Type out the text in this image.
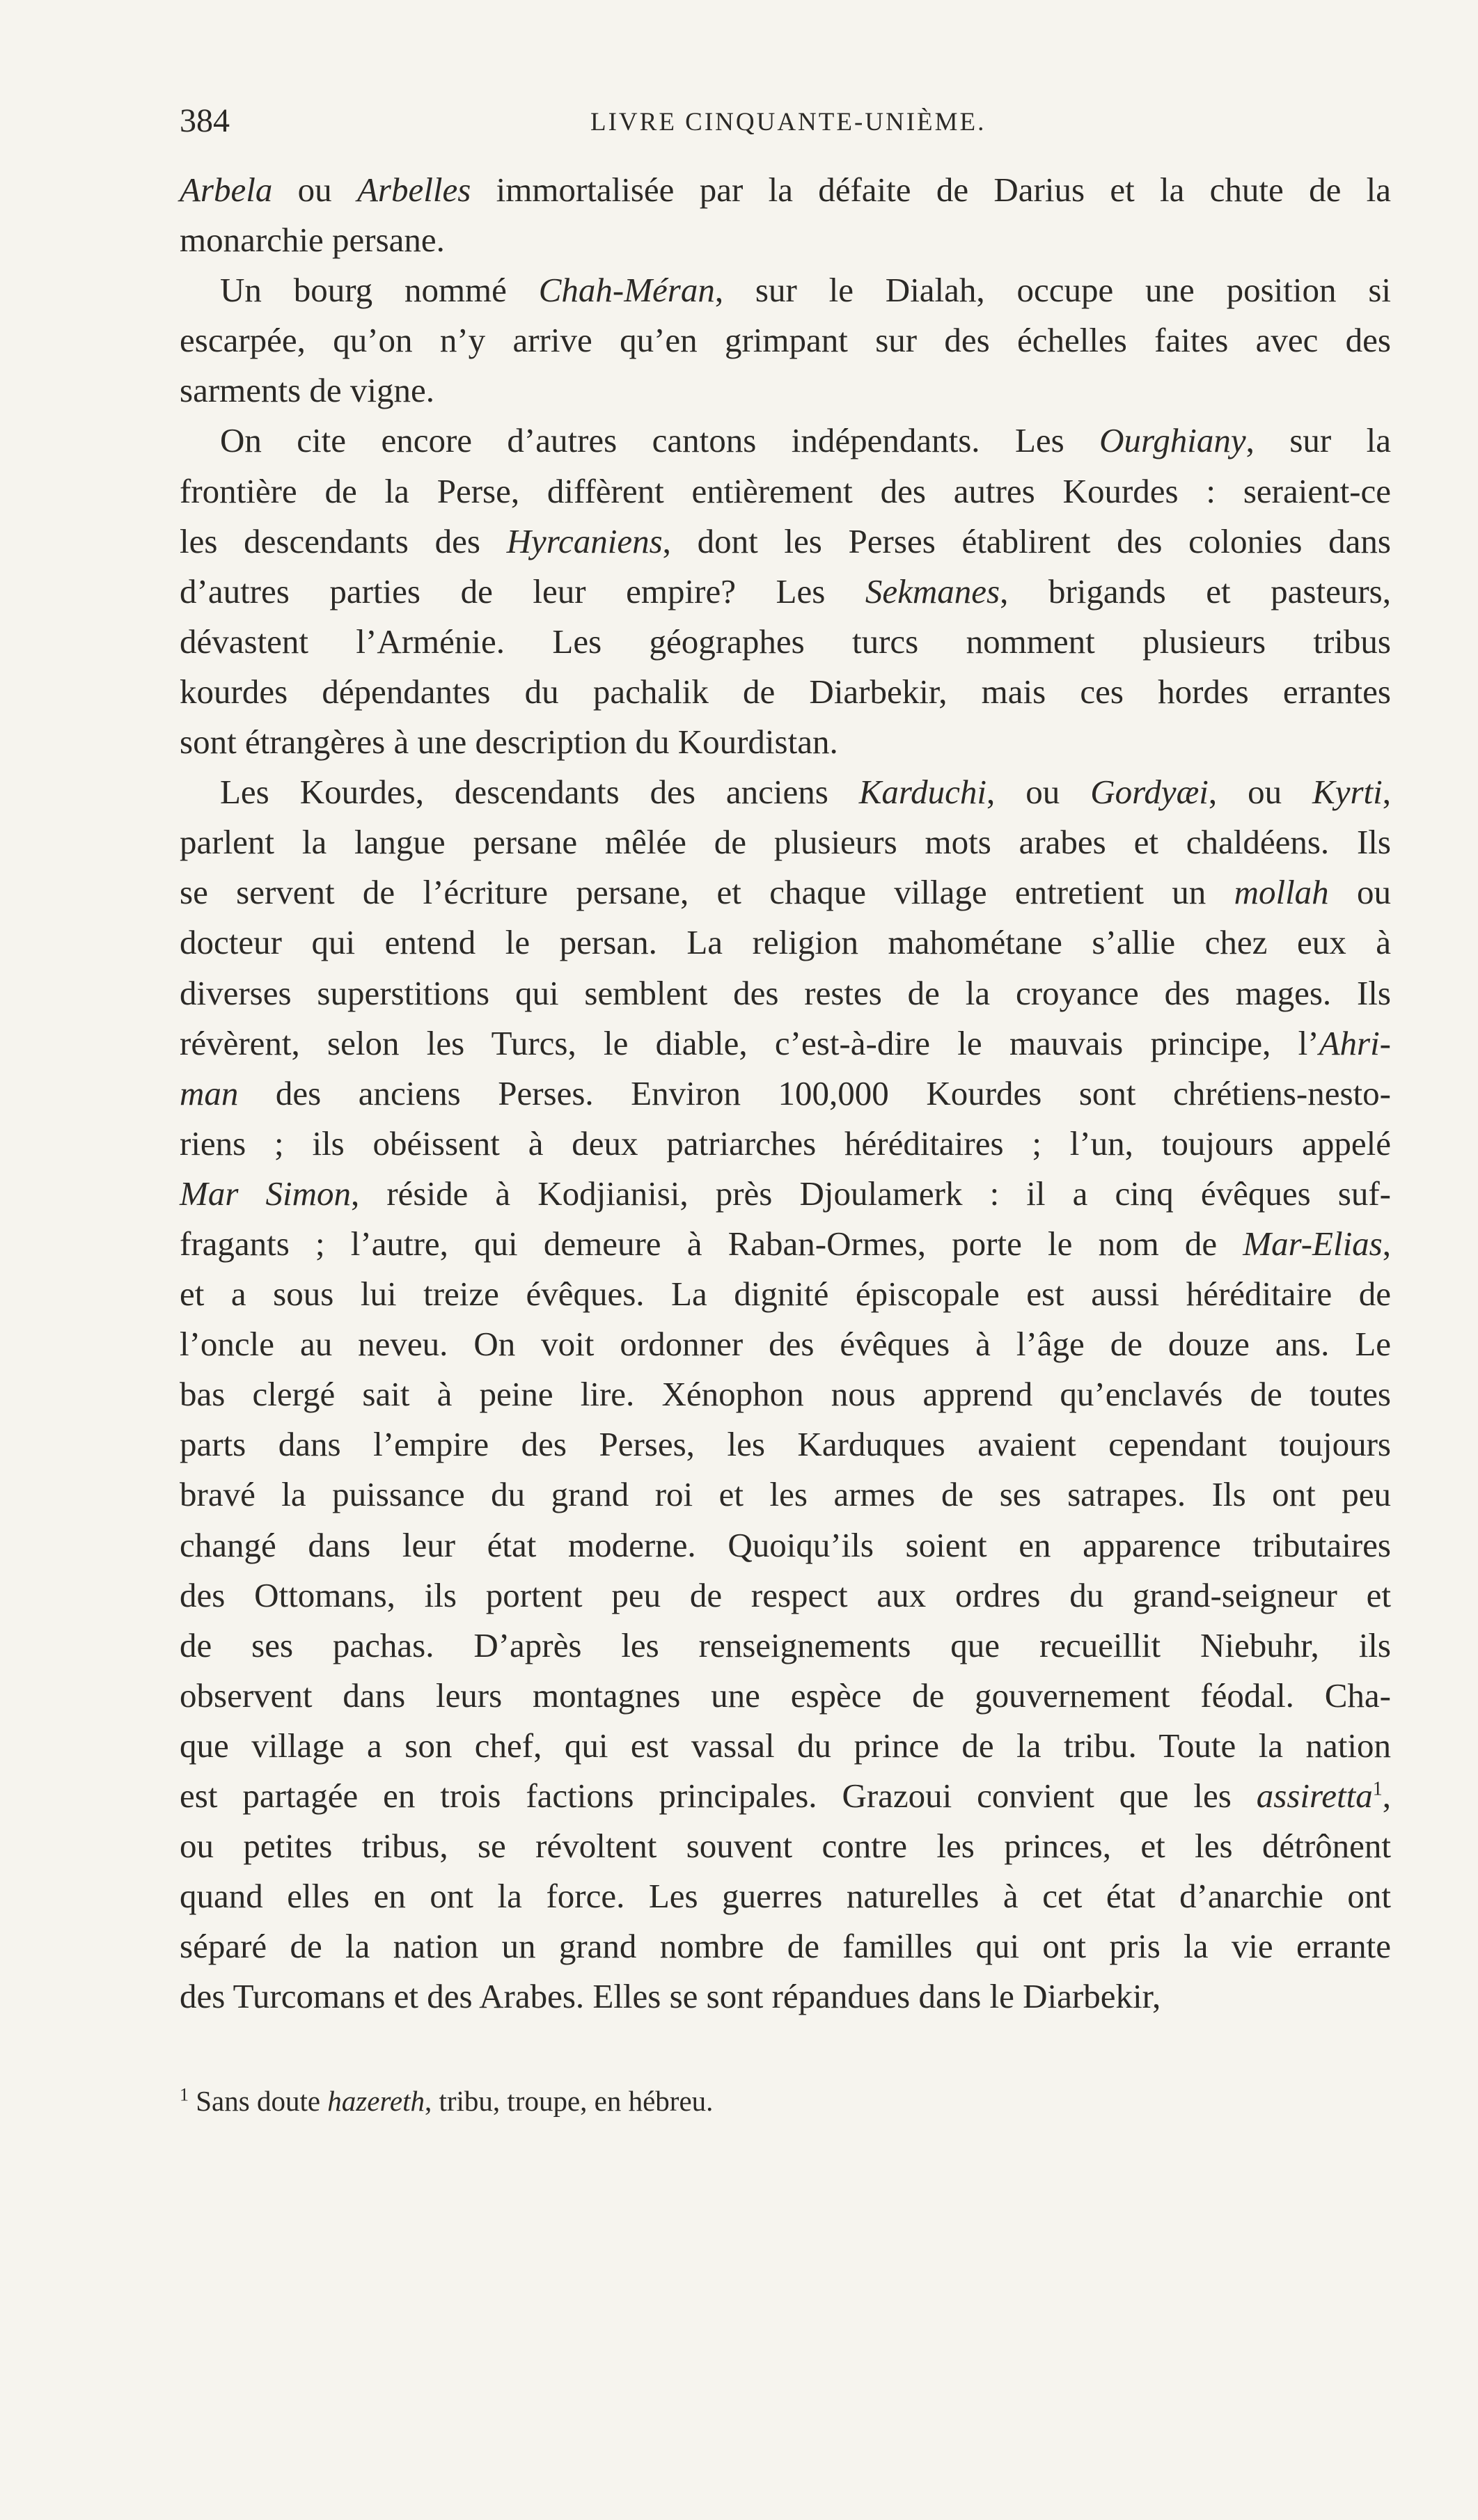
384	LIVRE CINQUANTE-UNIÈME.
Arbela ou Arbelles immortalisée par la défaite de Darius et la chute de la
monarchie persane.
Un bourg nommé Chah-Méran, sur le Dialah, occupe une position si
escarpée, qu’on n’y arrive qu’en grimpant sur des échelles faites avec des
sarments de vigne.
On cite encore d’autres cantons indépendants. Les Ourghiany, sur la
frontière de la Perse, diffèrent entièrement des autres Kourdes : seraient-ce
les descendants des Hyrcaniens, dont les Perses établirent des colonies dans
d’autres parties de leur empire? Les Sekmanes, brigands et pasteurs,
dévastent l’Arménie. Les géographes turcs nomment plusieurs tribus
kourdes dépendantes du pachalik de Diarbekir, mais ces hordes errantes
sont étrangères à une description du Kourdistan.
Les Kourdes, descendants des anciens Karduchi, ou Gordyæi, ou Kyrti,
parlent la langue persane mêlée de plusieurs mots arabes et chaldéens. Ils
se servent de l’écriture persane, et chaque village entretient un mollah ou
docteur qui entend le persan. La religion mahométane s’allie chez eux à
diverses superstitions qui semblent des restes de la croyance des mages. Ils
révèrent, selon les Turcs, le diable, c’est-à-dire le mauvais principe, l’Ahri-
man des anciens Perses. Environ 100,000 Kourdes sont chrétiens-nesto-
riens ; ils obéissent à deux patriarches héréditaires ; l’un, toujours appelé
Mar Simon, réside à Kodjianisi, près Djoulamerk : il a cinq évêques suf-
fragants ; l’autre, qui demeure à Raban-Ormes, porte le nom de Mar-Elias,
et a sous lui treize évêques. La dignité épiscopale est aussi héréditaire de
l’oncle au neveu. On voit ordonner des évêques à l’âge de douze ans. Le
bas clergé sait à peine lire. Xénophon nous apprend qu’enclavés de toutes
parts dans l’empire des Perses, les Karduques avaient cependant toujours
bravé la puissance du grand roi et les armes de ses satrapes. Ils ont peu
changé dans leur état moderne. Quoiqu’ils soient en apparence tributaires
des Ottomans, ils portent peu de respect aux ordres du grand-seigneur et
de ses pachas. D’après les renseignements que recueillit Niebuhr, ils
observent dans leurs montagnes une espèce de gouvernement féodal. Cha-
que village a son chef, qui est vassal du prince de la tribu. Toute la nation
est partagée en trois factions principales. Grazoui convient que les assiretta$^1$,
ou petites tribus, se révoltent souvent contre les princes, et les détrônent
quand elles en ont la force. Les guerres naturelles à cet état d’anarchie ont
séparé de la nation un grand nombre de familles qui ont pris la vie errante
des Turcomans et des Arabes. Elles se sont répandues dans le Diarbekir,
$^1$ Sans doute hazereth, tribu, troupe, en hébreu.
